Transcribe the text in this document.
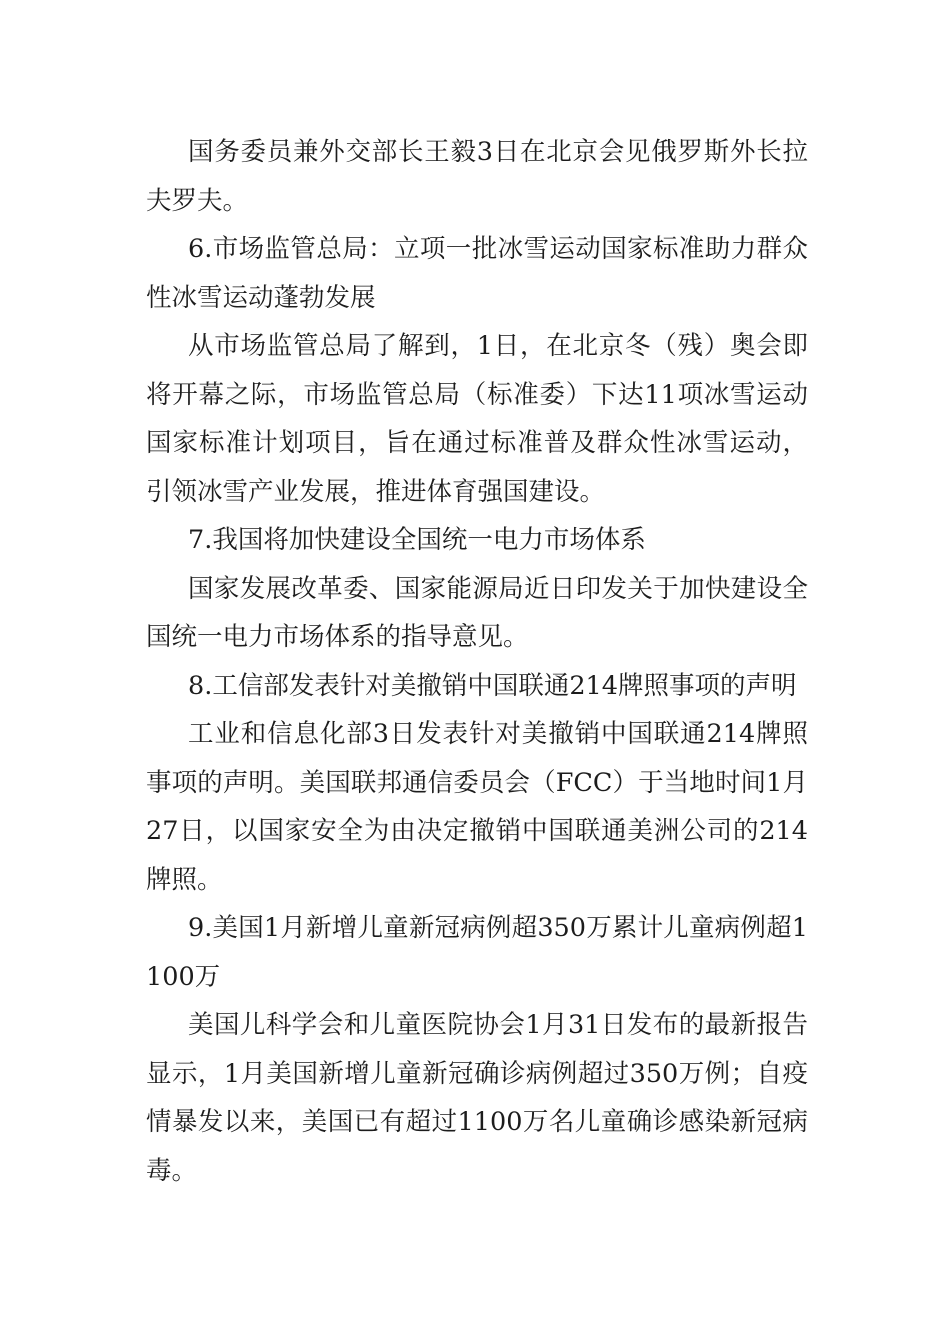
国务委员兼外交部长王毅3日在北京会见俄罗斯外长拉夫罗夫。

6.市场监管总局：立项一批冰雪运动国家标准助力群众性冰雪运动蓬勃发展

从市场监管总局了解到，1日，在北京冬（残）奥会即将开幕之际，市场监管总局（标准委）下达11项冰雪运动国家标准计划项目，旨在通过标准普及群众性冰雪运动，引领冰雪产业发展，推进体育强国建设。

7.我国将加快建设全国统一电力市场体系

国家发展改革委、国家能源局近日印发关于加快建设全国统一电力市场体系的指导意见。

8.工信部发表针对美撤销中国联通214牌照事项的声明

工业和信息化部3日发表针对美撤销中国联通214牌照事项的声明。美国联邦通信委员会（FCC）于当地时间1月27日，以国家安全为由决定撤销中国联通美洲公司的214牌照。

9.美国1月新增儿童新冠病例超350万累计儿童病例超1100万

美国儿科学会和儿童医院协会1月31日发布的最新报告显示，1月美国新增儿童新冠确诊病例超过350万例；自疫情暴发以来，美国已有超过1100万名儿童确诊感染新冠病毒。
